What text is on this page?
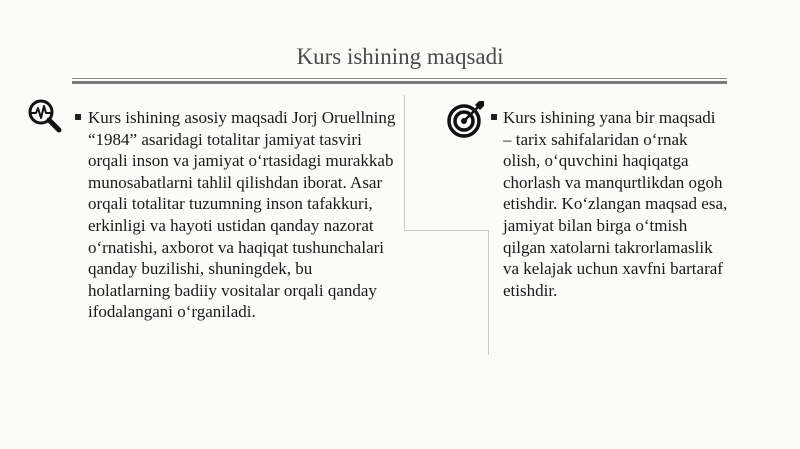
Kurs ishining maqsadi

Kurs ishining asosiy maqsadi Jorj Oruellning “1984” asaridagi totalitar jamiyat tasviri orqali inson va jamiyat o‘rtasidagi murakkab munosabatlarni tahlil qilishdan iborat. Asar orqali totalitar tuzumning inson tafakkuri, erkinligi va hayoti ustidan qanday nazorat o‘rnatishi, axborot va haqiqat tushunchalari qanday buzilishi, shuningdek, bu holatlarning badiiy vositalar orqali qanday ifodalangani o‘rganiladi.

Kurs ishining yana bir maqsadi – tarix sahifalaridan o‘rnak olish, o‘quvchini haqiqatga chorlash va manqurtlikdan ogoh etishdir. Ko‘zlangan maqsad esa, jamiyat bilan birga o‘tmish qilgan xatolarni takrorlamaslik va kelajak uchun xavfni bartaraf etishdir.
